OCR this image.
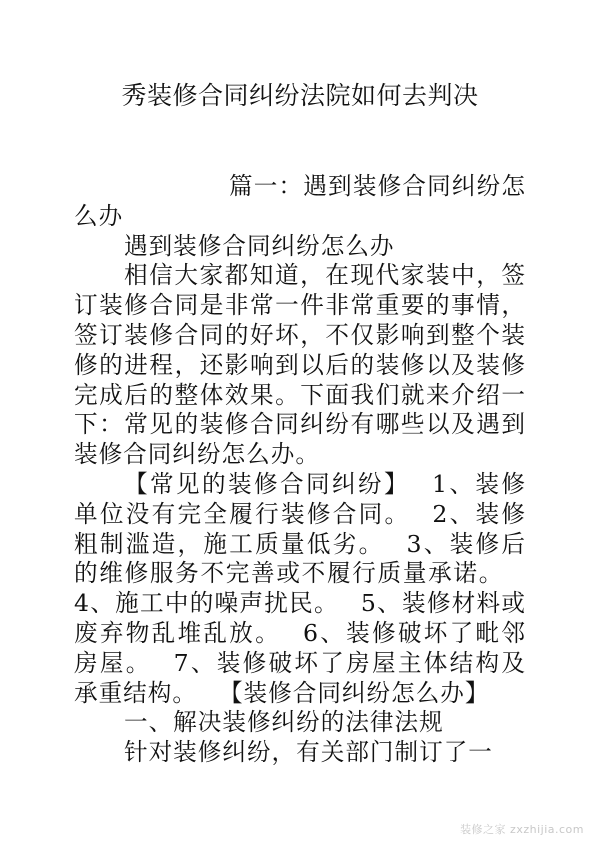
秀装修合同纠纷法院如何去判决

篇一：遇到装修合同纠纷怎么办

遇到装修合同纠纷怎么办

相信大家都知道，在现代家装中，签订装修合同是非常一件非常重要的事情，签订装修合同的好坏，不仅影响到整个装修的进程，还影响到以后的装修以及装修完成后的整体效果。下面我们就来介绍一下：常见的装修合同纠纷有哪些以及遇到装修合同纠纷怎么办。

【常见的装修合同纠纷】 1、装修单位没有完全履行装修合同。 2、装修粗制滥造，施工质量低劣。 3、装修后的维修服务不完善或不履行质量承诺。4、施工中的噪声扰民。 5、装修材料或废弃物乱堆乱放。 6、装修破坏了毗邻房屋。 7、装修破坏了房屋主体结构及承重结构。 【装修合同纠纷怎么办】

一、解决装修纠纷的法律法规

针对装修纠纷，有关部门制订了一

装修之家 zxzhijia.com
